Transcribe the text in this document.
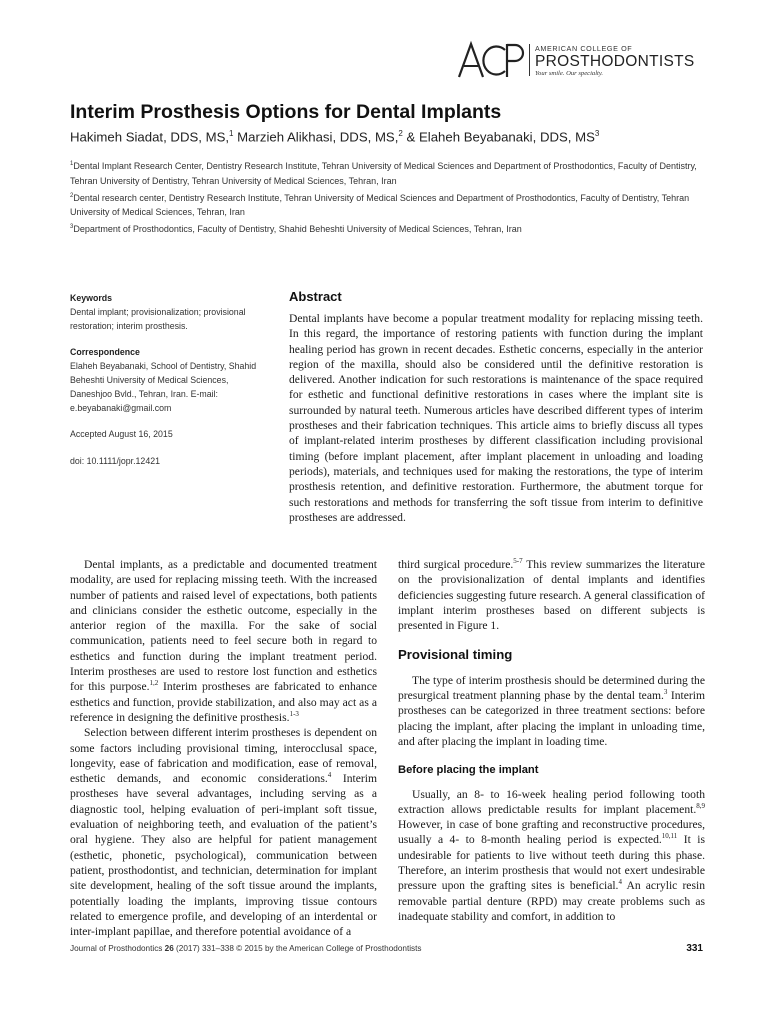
AMERICAN COLLEGE OF
PROSTHODONTISTS
Your smile. Our specialty.
Interim Prosthesis Options for Dental Implants
Hakimeh Siadat, DDS, MS,$^1$ Marzieh Alikhasi, DDS, MS,$^2$ & Elaheh Beyabanaki, DDS, $MS^3$

$^1$Dental Implant Research Center, Dentistry Research Institute, Tehran University of Medical Sciences and Department of Prosthodontics, Faculty of Dentistry, Tehran University of Dentistry, Tehran University of Medical Sciences, Tehran, Iran

$^2$Dental research center, Dentistry Research Institute, Tehran University of Medical Sciences and Department of Prosthodontics, Faculty of Dentistry, Tehran University of Medical Sciences, Tehran, Iran

$^3$Department of Prosthodontics, Faculty of Dentistry, Shahid Beheshti University of Medical Sciences, Tehran, Iran

Keywords
Dental implant; provisionalization; provisional restoration; interim prosthesis.
Correspondence
Elaheh Beyabanaki, School of Dentistry, Shahid Beheshti University of Medical Sciences, Daneshjoo Bvld., Tehran, Iran. E-mail: e.beyabanaki@gmail.com
Accepted August 16, 2015
doi: 10.1111/jopr.12421
Abstract

Dental implants have become a popular treatment modality for replacing missing teeth. In this regard, the importance of restoring patients with function during the implant healing period has grown in recent decades. Esthetic concerns, especially in the anterior region of the maxilla, should also be considered until the definitive restoration is delivered. Another indication for such restorations is maintenance of the space required for esthetic and functional definitive restorations in cases where the implant site is surrounded by natural teeth. Numerous articles have described different types of interim prostheses and their fabrication techniques. This article aims to briefly discuss all types of implant-related interim prostheses by different classification including provisional timing (before implant placement, after implant placement in unloading and loading periods), materials, and techniques used for making the restorations, the type of interim prosthesis retention, and definitive restoration. Furthermore, the abutment torque for such restorations and methods for transferring the soft tissue from interim to definitive prostheses are addressed.

Dental implants, as a predictable and documented treatment modality, are used for replacing missing teeth. With the increased number of patients and raised level of expectations, both patients and clinicians consider the esthetic outcome, especially in the anterior region of the maxilla. For the sake of social communication, patients need to feel secure both in regard to esthetics and function during the implant treatment period. Interim prostheses are used to restore lost function and esthetics for this purpose.$^{1,2}$ Interim prostheses are fabricated to enhance esthetics and function, provide stabilization, and also may act as a reference in designing the definitive prosthesis.$^{1-3}$

Selection between different interim prostheses is dependent on some factors including provisional timing, interocclusal space, longevity, ease of fabrication and modification, ease of removal, esthetic demands, and economic considerations.$^4$ Interim prostheses have several advantages, including serving as a diagnostic tool, helping evaluation of peri-implant soft tissue, evaluation of neighboring teeth, and evaluation of the patient’s oral hygiene. They also are helpful for patient management (esthetic, phonetic, psychological), communication between patient, prosthodontist, and technician, determination for implant site development, healing of the soft tissue around the implants, potentially loading the implants, improving tissue contours related to emergence profile, and developing of an interdental or inter-implant papillae, and therefore potential avoidance of a

third surgical procedure.$^{5-7}$ This review summarizes the literature on the provisionalization of dental implants and identifies deficiencies suggesting future research. A general classification of implant interim prostheses based on different subjects is presented in Figure 1.

Provisional timing

The type of interim prosthesis should be determined during the presurgical treatment planning phase by the dental team.$^3$ Interim prostheses can be categorized in three treatment sections: before placing the implant, after placing the implant in unloading time, and after placing the implant in loading time.

Before placing the implant

Usually, an 8- to 16-week healing period following tooth extraction allows predictable results for implant placement.$^{8,9}$ However, in case of bone grafting and reconstructive procedures, usually a 4- to 8-month healing period is expected.$^{10,11}$ It is undesirable for patients to live without teeth during this phase. Therefore, an interim prosthesis that would not exert undesirable pressure upon the grafting sites is beneficial.$^4$ An acrylic resin removable partial denture (RPD) may create problems such as inadequate stability and comfort, in addition to

Journal of Prosthodontics 26 (2017) 331–338 © 2015 by the American College of Prosthodontists	331
